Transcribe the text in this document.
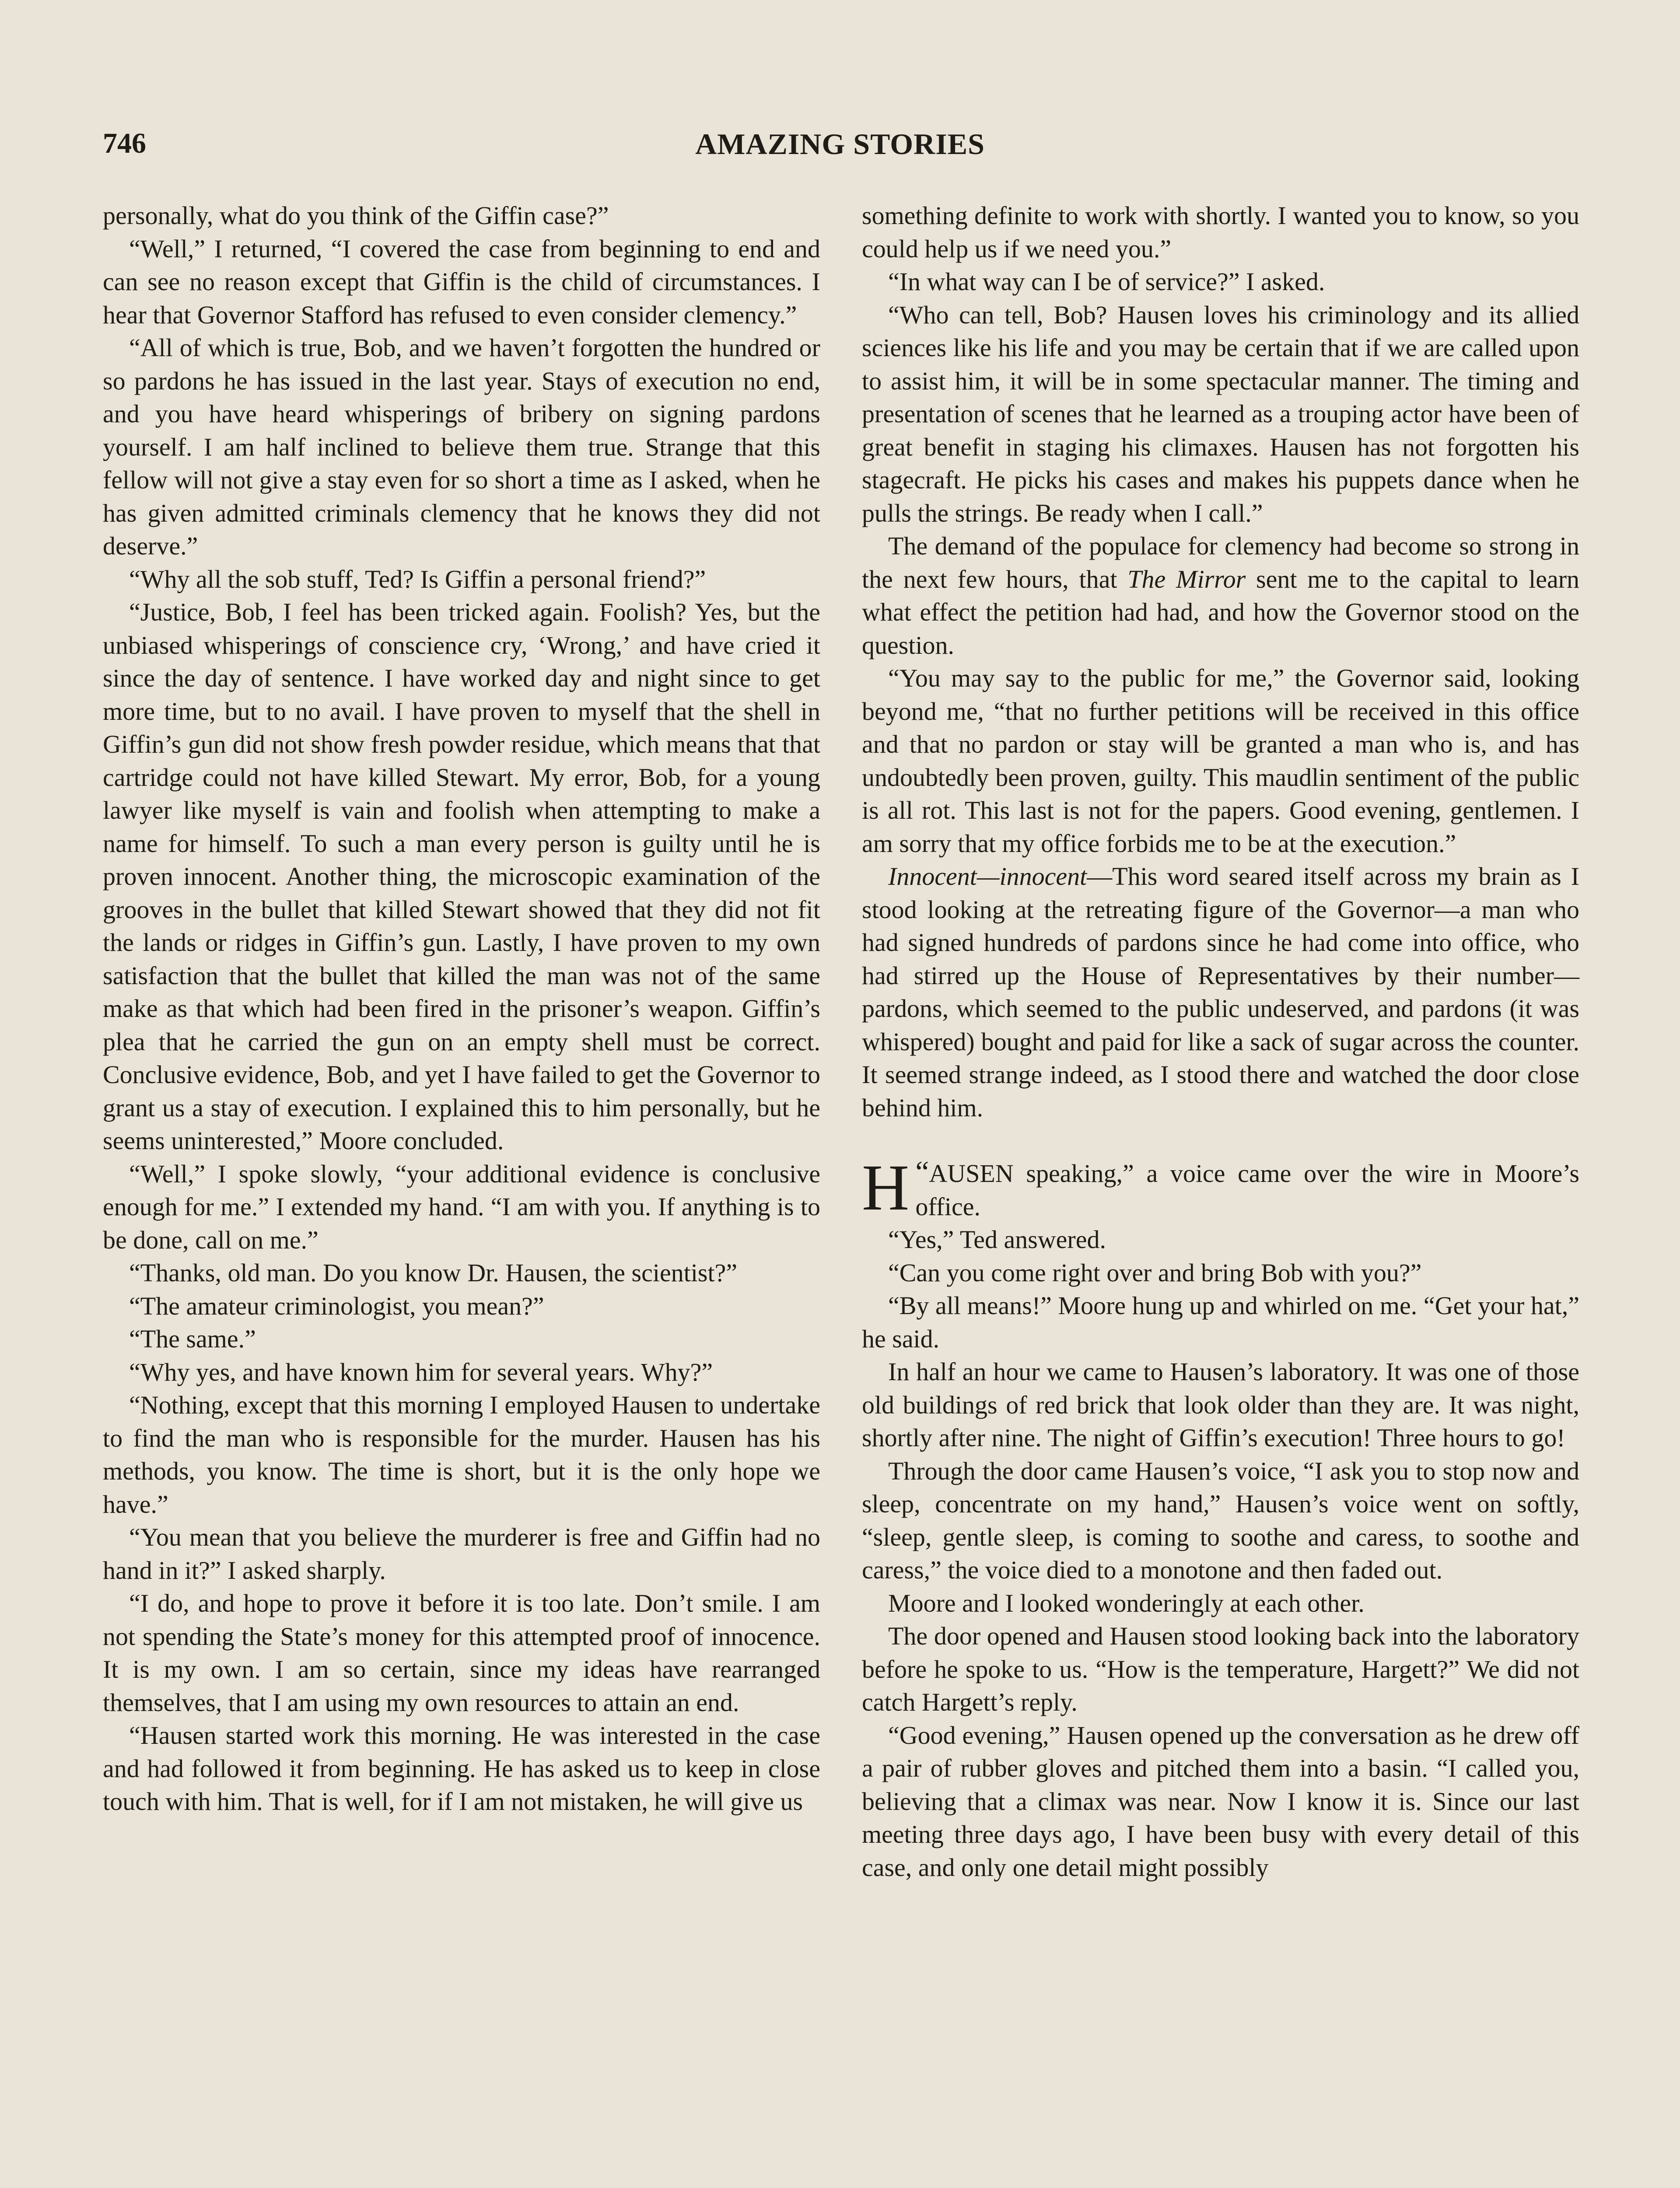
AMAZING STORIES
746

personally, what do you think of the Giffin case?”

“Well,” I returned, “I covered the case from beginning to end and can see no reason except that Giffin is the child of circumstances. I hear that Governor Stafford has refused to even consider clemency.”

“All of which is true, Bob, and we haven’t forgotten the hundred or so pardons he has issued in the last year. Stays of execution no end, and you have heard whisperings of bribery on signing pardons yourself. I am half inclined to believe them true. Strange that this fellow will not give a stay even for so short a time as I asked, when he has given admitted criminals clemency that he knows they did not deserve.”

“Why all the sob stuff, Ted? Is Giffin a personal friend?”

“Justice, Bob, I feel has been tricked again. Foolish? Yes, but the unbiased whisperings of conscience cry, ‘Wrong,’ and have cried it since the day of sentence. I have worked day and night since to get more time, but to no avail. I have proven to myself that the shell in Giffin’s gun did not show fresh powder residue, which means that that cartridge could not have killed Stewart. My error, Bob, for a young lawyer like myself is vain and foolish when attempting to make a name for himself. To such a man every person is guilty until he is proven innocent. Another thing, the microscopic examination of the grooves in the bullet that killed Stewart showed that they did not fit the lands or ridges in Giffin’s gun. Lastly, I have proven to my own satisfaction that the bullet that killed the man was not of the same make as that which had been fired in the prisoner’s weapon. Giffin’s plea that he carried the gun on an empty shell must be correct. Conclusive evidence, Bob, and yet I have failed to get the Governor to grant us a stay of execution. I explained this to him personally, but he seems uninterested,” Moore concluded.

“Well,” I spoke slowly, “your additional evidence is conclusive enough for me.” I extended my hand. “I am with you. If anything is to be done, call on me.”

“Thanks, old man. Do you know Dr. Hausen, the scientist?”

“The amateur criminologist, you mean?”

“The same.”

“Why yes, and have known him for several years. Why?”

“Nothing, except that this morning I employed Hausen to undertake to find the man who is responsible for the murder. Hausen has his methods, you know. The time is short, but it is the only hope we have.”

“You mean that you believe the murderer is free and Giffin had no hand in it?” I asked sharply.

“I do, and hope to prove it before it is too late. Don’t smile. I am not spending the State’s money for this attempted proof of innocence. It is my own. I am so certain, since my ideas have rearranged themselves, that I am using my own resources to attain an end.

“Hausen started work this morning. He was interested in the case and had followed it from beginning. He has asked us to keep in close touch with him. That is well, for if I am not mistaken, he will give us

something definite to work with shortly. I wanted you to know, so you could help us if we need you.”

“In what way can I be of service?” I asked.

“Who can tell, Bob? Hausen loves his criminology and its allied sciences like his life and you may be certain that if we are called upon to assist him, it will be in some spectacular manner. The timing and presentation of scenes that he learned as a trouping actor have been of great benefit in staging his climaxes. Hausen has not forgotten his stagecraft. He picks his cases and makes his puppets dance when he pulls the strings. Be ready when I call.”

The demand of the populace for clemency had become so strong in the next few hours, that The Mirror sent me to the capital to learn what effect the petition had had, and how the Governor stood on the question.

“You may say to the public for me,” the Governor said, looking beyond me, “that no further petitions will be received in this office and that no pardon or stay will be granted a man who is, and has undoubtedly been proven, guilty. This maudlin sentiment of the public is all rot. This last is not for the papers. Good evening, gentlemen. I am sorry that my office forbids me to be at the execution.”

Innocent—innocent—This word seared itself across my brain as I stood looking at the retreating figure of the Governor—a man who had signed hundreds of pardons since he had come into office, who had stirred up the House of Representatives by their number—pardons, which seemed to the public undeserved, and pardons (it was whispered) bought and paid for like a sack of sugar across the counter. It seemed strange indeed, as I stood there and watched the door close behind him.

“
H AUSEN speaking,” a voice came over the wire in Moore’s office.

“Yes,” Ted answered.

“Can you come right over and bring Bob with you?”

“By all means!” Moore hung up and whirled on me. “Get your hat,” he said.

In half an hour we came to Hausen’s laboratory. It was one of those old buildings of red brick that look older than they are. It was night, shortly after nine. The night of Giffin’s execution! Three hours to go!

Through the door came Hausen’s voice, “I ask you to stop now and sleep, concentrate on my hand,” Hausen’s voice went on softly, “sleep, gentle sleep, is coming to soothe and caress, to soothe and caress,” the voice died to a monotone and then faded out.

Moore and I looked wonderingly at each other.

The door opened and Hausen stood looking back into the laboratory before he spoke to us. “How is the temperature, Hargett?” We did not catch Hargett’s reply.

“Good evening,” Hausen opened up the conversation as he drew off a pair of rubber gloves and pitched them into a basin. “I called you, believing that a climax was near. Now I know it is. Since our last meeting three days ago, I have been busy with every detail of this case, and only one detail might possibly
